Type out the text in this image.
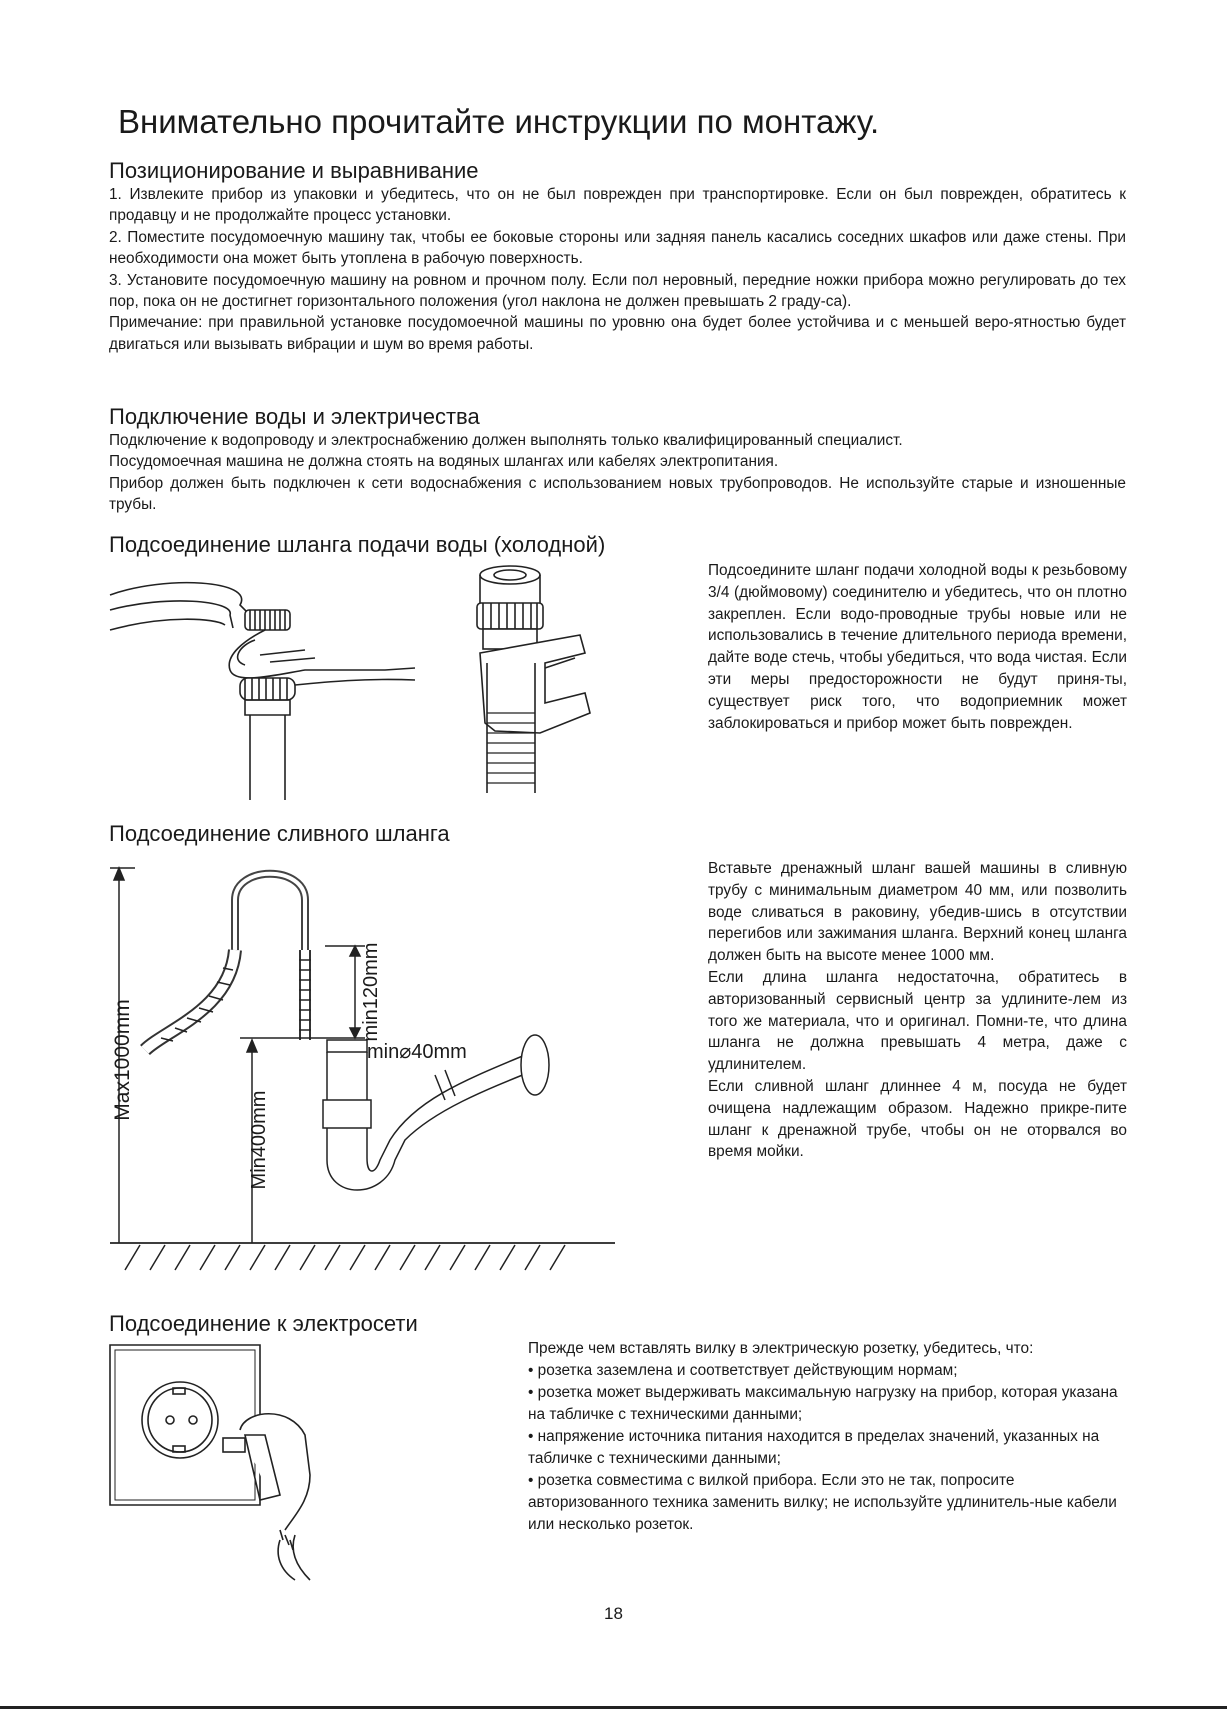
Внимательно прочитайте инструкции по монтажу.
Позиционирование и выравнивание

1. Извлеките прибор из упаковки и убедитесь, что он не был поврежден при транспортировке. Если он был поврежден, обратитесь к продавцу и не продолжайте процесс установки.

2. Поместите посудомоечную машину так, чтобы ее боковые стороны или задняя панель касались соседних шкафов или даже стены. При необходимости она может быть утоплена в рабочую поверхность.

3. Установите посудомоечную машину на ровном и прочном полу. Если пол неровный, передние ножки прибора можно регулировать до тех пор, пока он не достигнет горизонтального положения (угол наклона не должен превышать 2 граду-са).

Примечание: при правильной установке посудомоечной машины по уровню она будет более устойчива и с меньшей веро-ятностью будет двигаться или вызывать вибрации и шум во время работы.

Подключение воды и электричества

Подключение к водопроводу и электроснабжению должен выполнять только квалифицированный специалист.

Посудомоечная машина не должна стоять на водяных шлангах или кабелях электропитания.

Прибор должен быть подключен к сети водоснабжения с использованием новых трубопроводов. Не используйте старые и изношенные трубы.

Подсоединение шланга подачи воды (холодной)
Подсоедините шланг подачи холодной воды к резьбовому 3/4 (дюймовому) соединителю и убедитесь, что он плотно закреплен. Если водо-проводные трубы новые или не использовались в течение длительного периода времени, дайте воде стечь, чтобы убедиться, что вода чистая. Если эти меры предосторожности не будут приня-ты, существует риск того, что водоприемник может заблокироваться и прибор может быть поврежден.
Подсоединение сливного шланга
Max1000mm
Min400mm
min120mm
min⌀40mm

Вставьте дренажный шланг вашей машины в сливную трубу с минимальным диаметром 40 мм, или позволить воде сливаться в раковину, убедив-шись в отсутствии перегибов или зажимания шланга. Верхний конец шланга должен быть на высоте менее 1000 мм.

Если длина шланга недостаточна, обратитесь в авторизованный сервисный центр за удлините-лем из того же материала, что и оригинал. Помни-те, что длина шланга не должна превышать 4 метра, даже с удлинителем.

Если сливной шланг длиннее 4 м, посуда не будет очищена надлежащим образом. Надежно прикре-пите шланг к дренажной трубе, чтобы он не оторвался во время мойки.

Подсоединение к электросети

Прежде чем вставлять вилку в электрическую розетку, убедитесь, что:

• розетка заземлена и соответствует действующим нормам;

• розетка может выдерживать максимальную нагрузку на прибор, которая указана на табличке с техническими данными;

• напряжение источника питания находится в пределах значений, указанных на табличке с техническими данными;

• розетка совместима с вилкой прибора. Если это не так, попросите авторизованного техника заменить вилку; не используйте удлинитель-ные кабели или несколько розеток.

18
